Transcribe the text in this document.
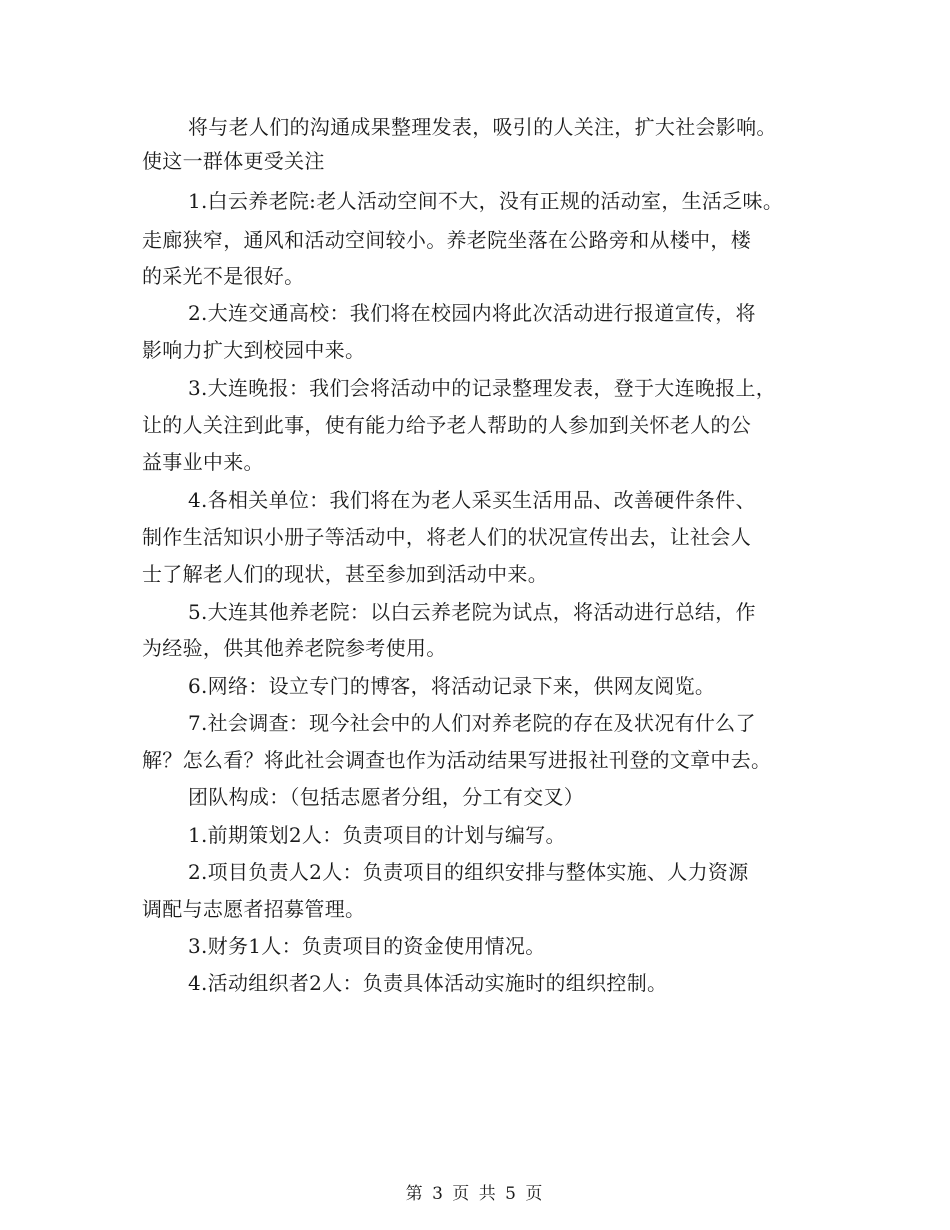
将与老人们的沟通成果整理发表，吸引的人关注，扩大社会影响。
使这一群体更受关注
1.白云养老院:老人活动空间不大，没有正规的活动室，生活乏味。
走廊狭窄，通风和活动空间较小。养老院坐落在公路旁和从楼中，楼
的采光不是很好。
2.大连交通高校：我们将在校园内将此次活动进行报道宣传，将
影响力扩大到校园中来。
3.大连晚报：我们会将活动中的记录整理发表，登于大连晚报上，
让的人关注到此事，使有能力给予老人帮助的人参加到关怀老人的公
益事业中来。
4.各相关单位：我们将在为老人采买生活用品、改善硬件条件、
制作生活知识小册子等活动中，将老人们的状况宣传出去，让社会人
士了解老人们的现状，甚至参加到活动中来。
5.大连其他养老院：以白云养老院为试点，将活动进行总结，作
为经验，供其他养老院参考使用。
6.网络：设立专门的博客，将活动记录下来，供网友阅览。
7.社会调查：现今社会中的人们对养老院的存在及状况有什么了
解？怎么看？将此社会调查也作为活动结果写进报社刊登的文章中去。
团队构成：（包括志愿者分组，分工有交叉）
1.前期策划2人：负责项目的计划与编写。
2.项目负责人2人：负责项目的组织安排与整体实施、人力资源
调配与志愿者招募管理。
3.财务1人：负责项目的资金使用情况。
4.活动组织者2人：负责具体活动实施时的组织控制。
第 3 页 共 5 页
